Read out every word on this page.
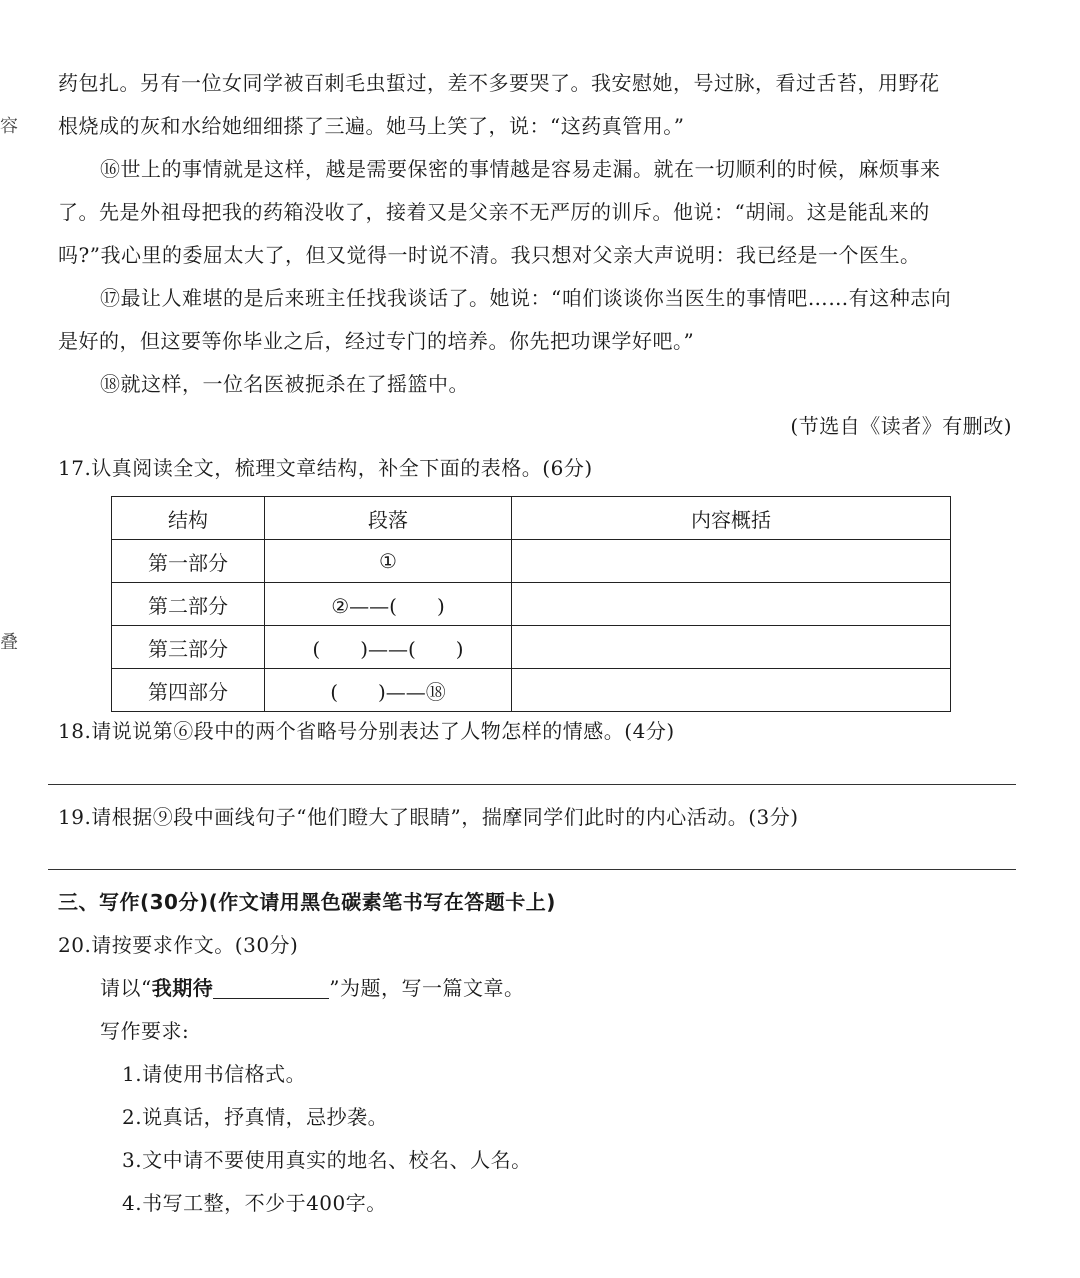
容
叠
药包扎。另有一位女同学被百刺毛虫蜇过，差不多要哭了。我安慰她，号过脉，看过舌苔，用野花
根烧成的灰和水给她细细搽了三遍。她马上笑了，说：“这药真管用。”
⑯世上的事情就是这样，越是需要保密的事情越是容易走漏。就在一切顺利的时候，麻烦事来
了。先是外祖母把我的药箱没收了，接着又是父亲不无严厉的训斥。他说：“胡闹。这是能乱来的
吗?”我心里的委屈太大了，但又觉得一时说不清。我只想对父亲大声说明：我已经是一个医生。
⑰最让人难堪的是后来班主任找我谈话了。她说：“咱们谈谈你当医生的事情吧……有这种志向
是好的，但这要等你毕业之后，经过专门的培养。你先把功课学好吧。”
⑱就这样，一位名医被扼杀在了摇篮中。
(节选自《读者》有删改)
17.认真阅读全文，梳理文章结构，补全下面的表格。(6分)
结构	段落	内容概括
第一部分	①	
第二部分	②——(　　)	
第三部分	(　　)——(　　)	
第四部分	(　　)——⑱	
18.请说说第⑥段中的两个省略号分别表达了人物怎样的情感。(4分)
19.请根据⑨段中画线句子“他们瞪大了眼睛”，揣摩同学们此时的内心活动。(3分)
三、写作(30分)(作文请用黑色碳素笔书写在答题卡上)
20.请按要求作文。(30分)
请以“我期待	”为题，写一篇文章。
写作要求:
1.请使用书信格式。
2.说真话，抒真情，忌抄袭。
3.文中请不要使用真实的地名、校名、人名。
4.书写工整，不少于400字。
